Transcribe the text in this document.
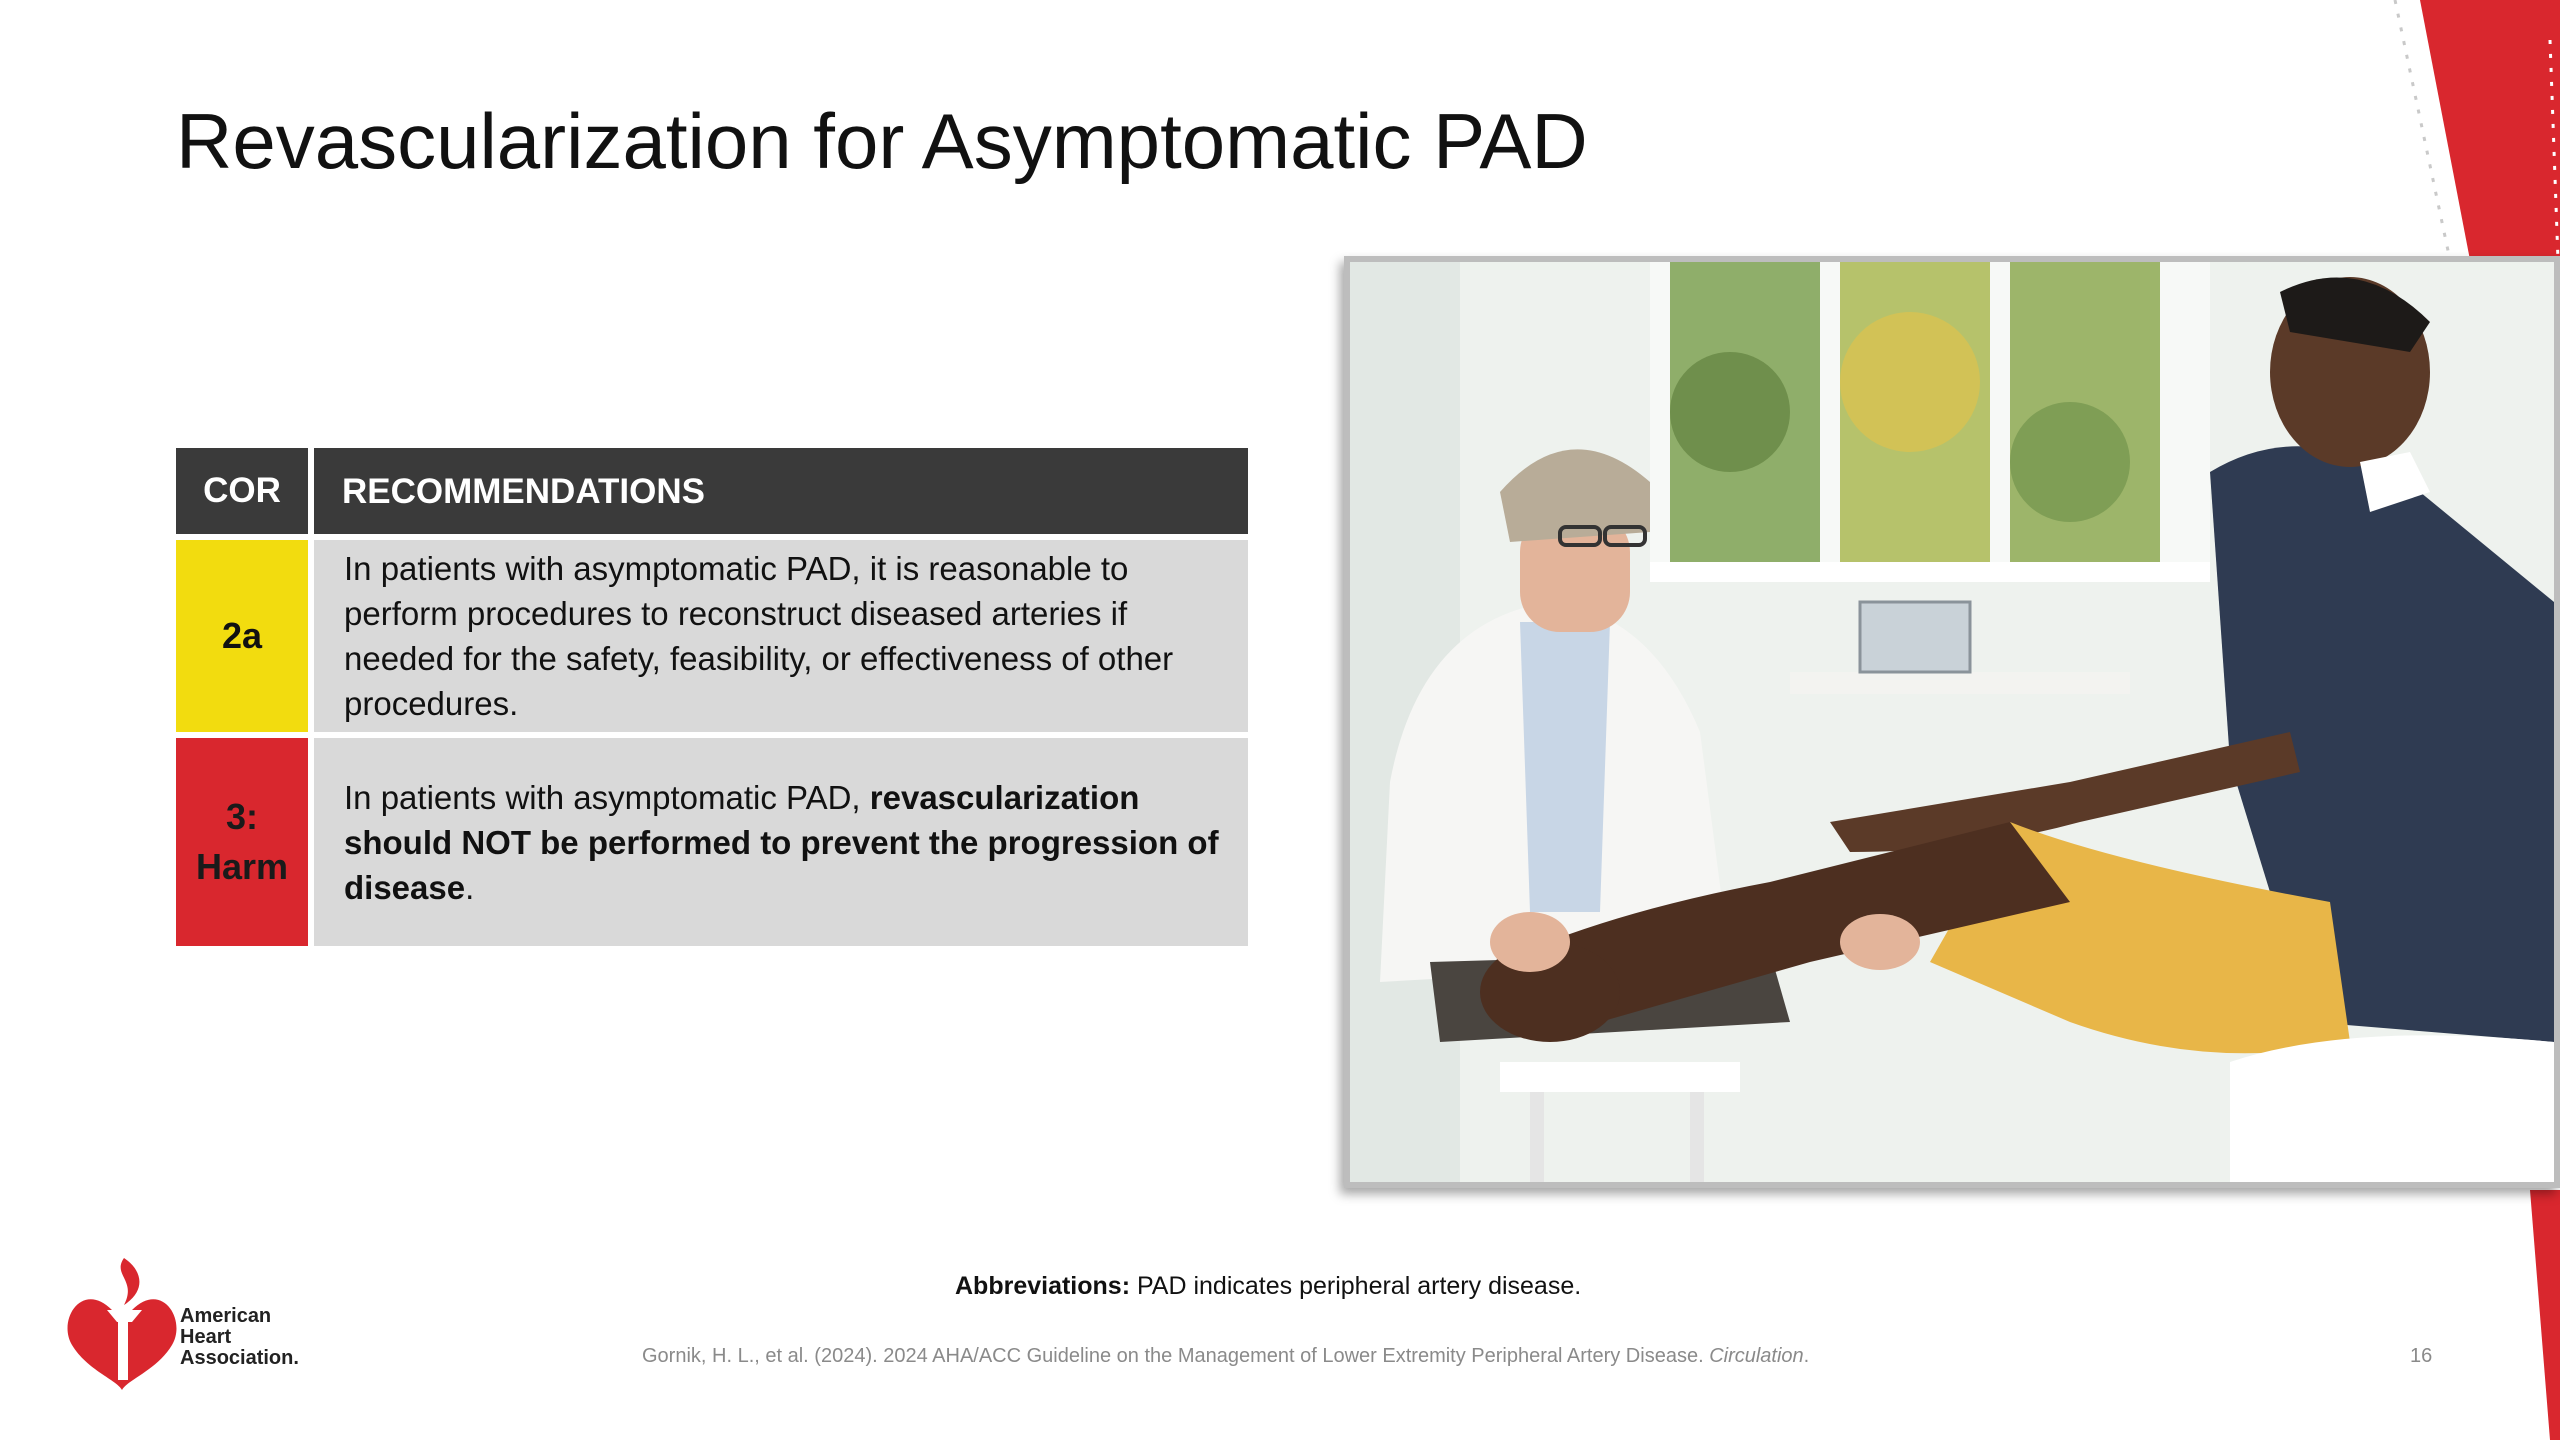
Revascularization for Asymptomatic PAD
COR	RECOMMENDATIONS
2a
In patients with asymptomatic PAD, it is reasonable to perform procedures to reconstruct diseased arteries if needed for the safety, feasibility, or effectiveness of other procedures.
3:
Harm
In patients with asymptomatic PAD, revascularization should NOT be performed to prevent the progression of disease.
Abbreviations: PAD indicates peripheral artery disease.
Gornik, H. L., et al. (2024). 2024 AHA/ACC Guideline on the Management of Lower Extremity Peripheral Artery Disease. Circulation.	16
American
Heart
Association.
